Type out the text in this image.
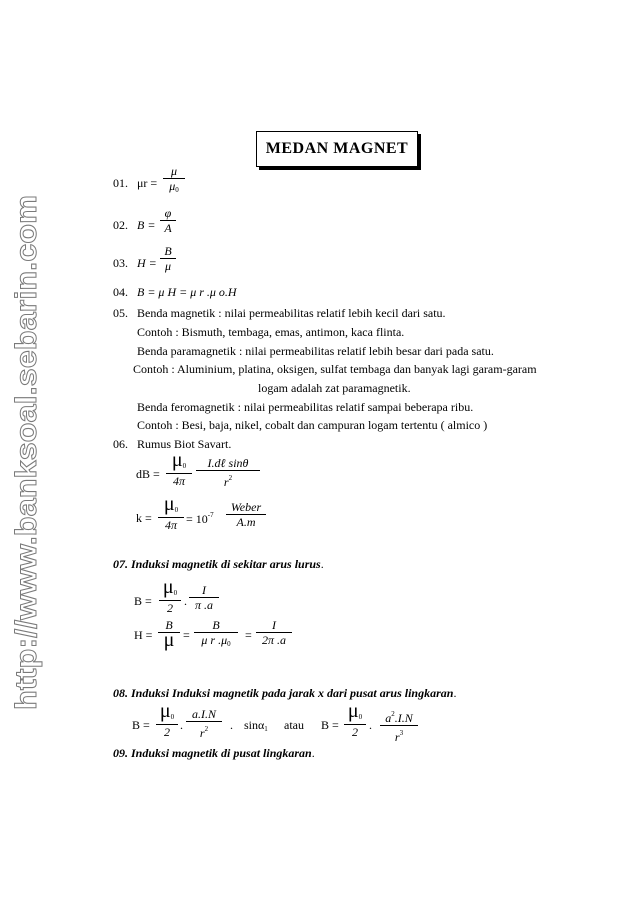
http://www.banksoal.sebarin.com
MEDAN MAGNET
01. $\mu r = \frac{\mu}{\mu_0}$
02. $B = \frac{\varphi}{A}$
03. $H = \frac{B}{\mu}$
04. B = μ H = μ r .μ o.H
05. Benda magnetik : nilai permeabilitas relatif lebih kecil dari satu.
Contoh : Bismuth, tembaga, emas, antimon, kaca flinta.
Benda paramagnetik : nilai permeabilitas relatif lebih besar dari pada satu.
Contoh : Aluminium, platina, oksigen, sulfat tembaga dan banyak lagi garam-garam
logam adalah zat paramagnetik.
Benda feromagnetik : nilai permeabilitas relatif sampai beberapa ribu.
Contoh : Besi, baja, nikel, cobalt dan campuran logam tertentu ( almico )
06. Rumus Biot Savart.
dB = $\frac{\mu_0}{4\pi}$	I.dℓ sinθ
$r^2$
$k = \frac{\mu_0}{4\pi} = 10^{-7}$
Weber
A.m
07. Induksi magnetik di sekitar arus lurus.
$B = \frac{\mu_0}{2}$ . $\frac{I}{\pi .a}$
$H = \frac{B}{\mu} = \frac{B}{\mu r .\mu_0} = \frac{I}{2\pi .a}$
08. Induksi Induksi magnetik pada jarak x dari pusat arus lingkaran.
$B = \frac{\mu_0}{2}$ . $\frac{a.I.N}{r^2}$ . sinα$_1$ atau $B = \frac{\mu_0}{2}$ . $\frac{a^2.I.N}{r^3}$
09. Induksi magnetik di pusat lingkaran.
